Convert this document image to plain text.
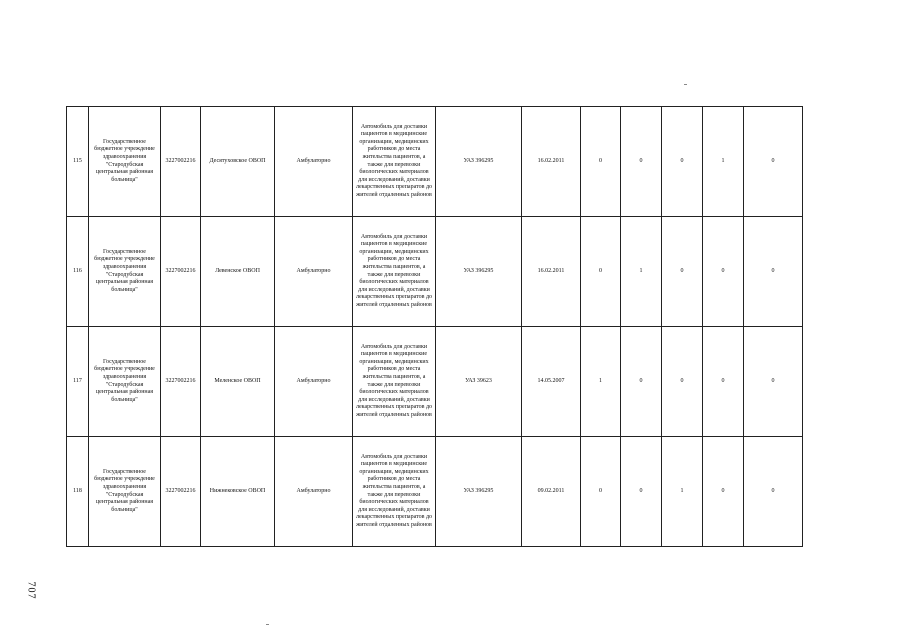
115	Государственное бюджетное учреждение здравоохранения "Стародубская центральная районная больница"	3227002216	Десятуховское ОВОП	Амбулаторно	Автомобиль для доставки пациентов в медицинские организации, медицинских работников до места жительства пациентов, а также для перевозки биологических материалов для исследований, доставки лекарственных препаратов до жителей отдаленных районов	УАЗ 396295	16.02.2011	0	0	0	1	0
116	Государственное бюджетное учреждение здравоохранения "Стародубская центральная районная больница"	3227002216	Левенское ОВОП	Амбулаторно	Автомобиль для доставки пациентов в медицинские организации, медицинских работников до места жительства пациентов, а также для перевозки биологических материалов для исследований, доставки лекарственных препаратов до жителей отдаленных районов	УАЗ 396295	16.02.2011	0	1	0	0	0
117	Государственное бюджетное учреждение здравоохранения "Стародубская центральная районная больница"	3227002216	Меленское ОВОП	Амбулаторно	Автомобиль для доставки пациентов в медицинские организации, медицинских работников до места жительства пациентов, а также для перевозки биологических материалов для исследований, доставки лекарственных препаратов до жителей отдаленных районов	УАЗ 39623	14.05.2007	1	0	0	0	0
118	Государственное бюджетное учреждение здравоохранения "Стародубская центральная районная больница"	3227002216	Нижнековское ОВОП	Амбулаторно	Автомобиль для доставки пациентов в медицинские организации, медицинских работников до места жительства пациентов, а также для перевозки биологических материалов для исследований, доставки лекарственных препаратов до жителей отдаленных районов	УАЗ 396295	09.02.2011	0	0	1	0	0
707
